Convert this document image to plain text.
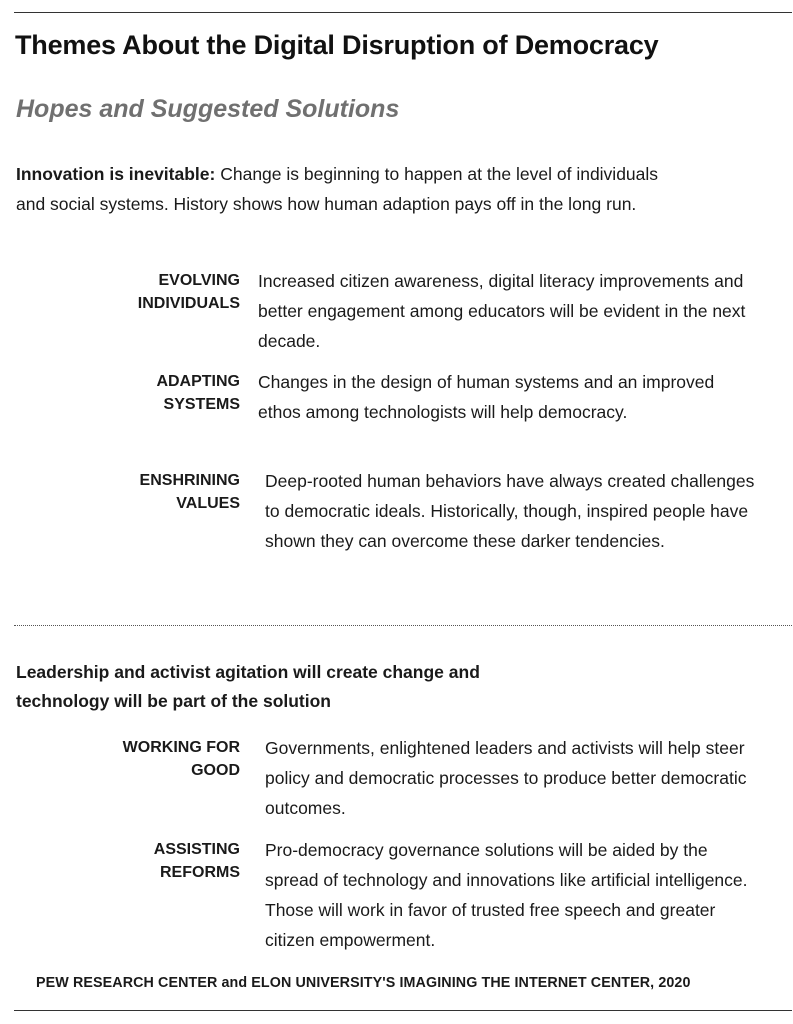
Themes About the Digital Disruption of Democracy
Hopes and Suggested Solutions
Innovation is inevitable: Change is beginning to happen at the level of individuals and social systems. History shows how human adaption pays off in the long run.
EVOLVING
INDIVIDUALS
Increased citizen awareness, digital literacy improvements and better engagement among educators will be evident in the next decade.
ADAPTING
SYSTEMS
Changes in the design of human systems and an improved ethos among technologists will help democracy.
ENSHRINING
VALUES
Deep-rooted human behaviors have always created challenges to democratic ideals. Historically, though, inspired people have shown they can overcome these darker tendencies.
Leadership and activist agitation will create change and technology will be part of the solution
WORKING FOR
GOOD
Governments, enlightened leaders and activists will help steer policy and democratic processes to produce better democratic outcomes.
ASSISTING
REFORMS
Pro-democracy governance solutions will be aided by the spread of technology and innovations like artificial intelligence. Those will work in favor of trusted free speech and greater citizen empowerment.
PEW RESEARCH CENTER and ELON UNIVERSITY'S IMAGINING THE INTERNET CENTER, 2020
